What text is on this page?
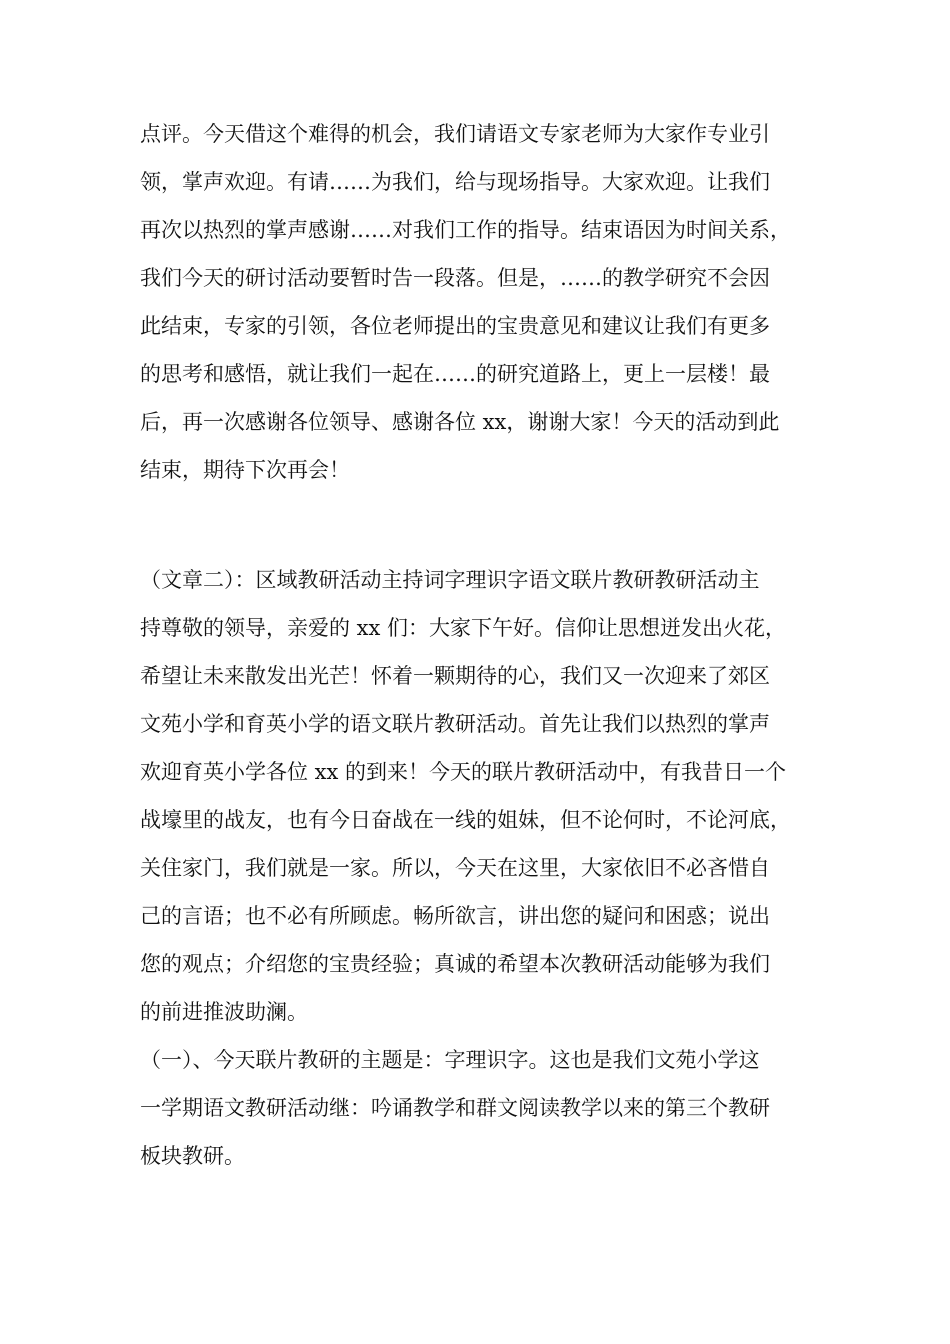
点评。今天借这个难得的机会，我们请语文专家老师为大家作专业引

领，掌声欢迎。有请……为我们，给与现场指导。大家欢迎。让我们

再次以热烈的掌声感谢……对我们工作的指导。结束语因为时间关系，

我们今天的研讨活动要暂时告一段落。但是，……的教学研究不会因

此结束，专家的引领，各位老师提出的宝贵意见和建议让我们有更多

的思考和感悟，就让我们一起在……的研究道路上，更上一层楼！最

后，再一次感谢各位领导、感谢各位 xx，谢谢大家！今天的活动到此

结束，期待下次再会！

（文章二）：区域教研活动主持词字理识字语文联片教研教研活动主

持尊敬的领导，亲爱的 xx 们：大家下午好。信仰让思想迸发出火花，

希望让未来散发出光芒！怀着一颗期待的心，我们又一次迎来了郊区

文苑小学和育英小学的语文联片教研活动。首先让我们以热烈的掌声

欢迎育英小学各位 xx 的到来！今天的联片教研活动中，有我昔日一个

战壕里的战友，也有今日奋战在一线的姐妹，但不论何时，不论河底，

关住家门，我们就是一家。所以，今天在这里，大家依旧不必吝惜自

己的言语；也不必有所顾虑。畅所欲言，讲出您的疑问和困惑；说出

您的观点；介绍您的宝贵经验；真诚的希望本次教研活动能够为我们

的前进推波助澜。

（一）、今天联片教研的主题是：字理识字。这也是我们文苑小学这

一学期语文教研活动继：吟诵教学和群文阅读教学以来的第三个教研

板块教研。
